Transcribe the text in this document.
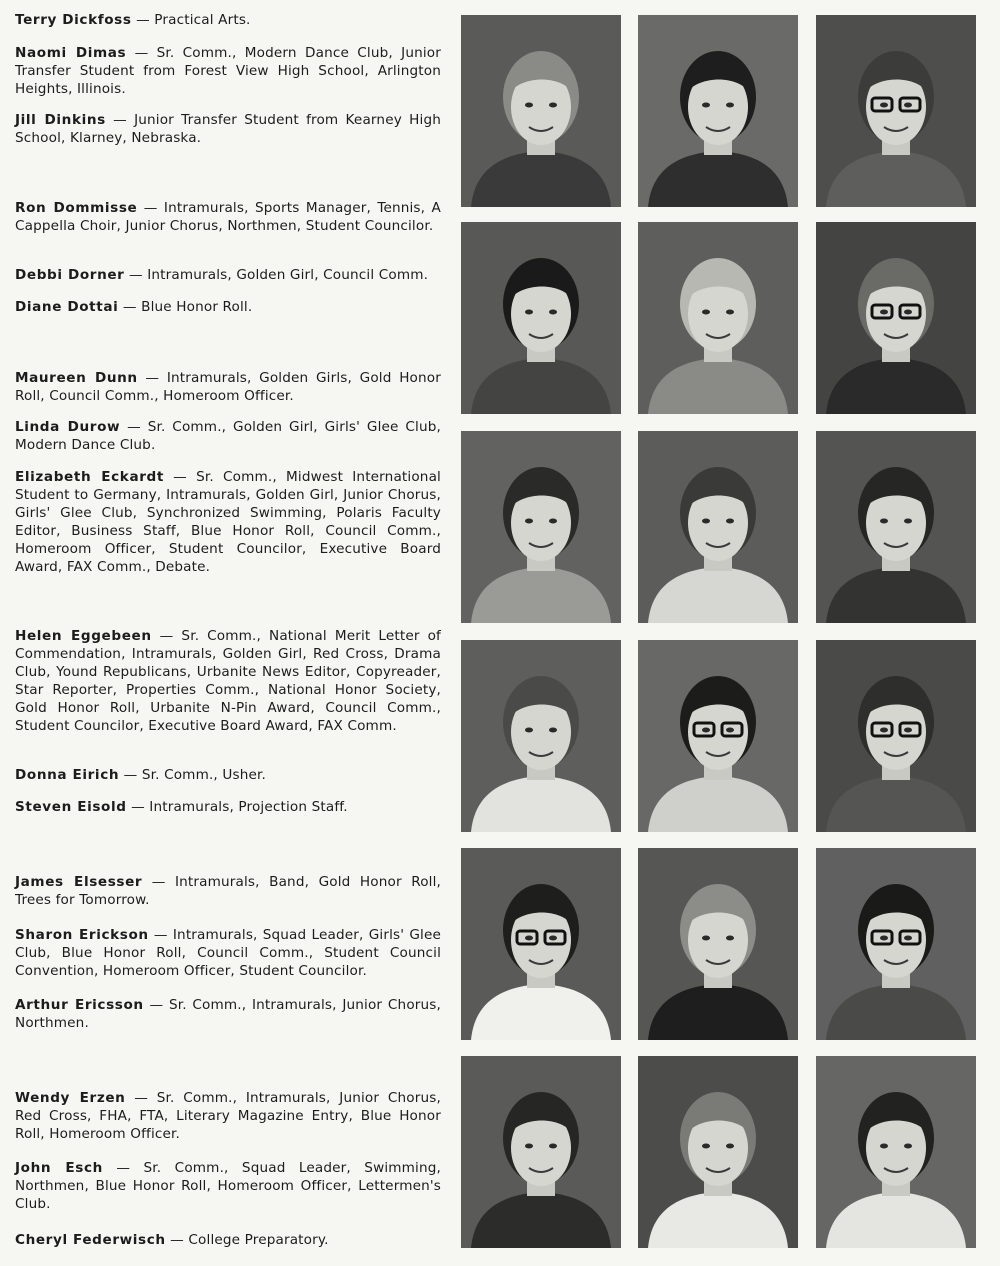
Terry Dickfoss — Practical Arts.
Naomi Dimas — Sr. Comm., Modern Dance Club, Junior Transfer Student from Forest View High School, Arlington Heights, Illinois.
Jill Dinkins — Junior Transfer Student from Kearney High School, Klarney, Nebraska.
Ron Dommisse — Intramurals, Sports Manager, Tennis, A Cappella Choir, Junior Chorus, Northmen, Student Councilor.
Debbi Dorner — Intramurals, Golden Girl, Council Comm.
Diane Dottai — Blue Honor Roll.
Maureen Dunn — Intramurals, Golden Girls, Gold Honor Roll, Council Comm., Homeroom Officer.
Linda Durow — Sr. Comm., Golden Girl, Girls' Glee Club, Modern Dance Club.
Elizabeth Eckardt — Sr. Comm., Midwest International Student to Germany, Intramurals, Golden Girl, Junior Chorus, Girls' Glee Club, Synchronized Swimming, Polaris Faculty Editor, Business Staff, Blue Honor Roll, Council Comm., Homeroom Officer, Student Councilor, Executive Board Award, FAX Comm., Debate.
Helen Eggebeen — Sr. Comm., National Merit Letter of Commendation, Intramurals, Golden Girl, Red Cross, Drama Club, Yound Republicans, Urbanite News Editor, Copyreader, Star Reporter, Properties Comm., National Honor Society, Gold Honor Roll, Urbanite N-Pin Award, Council Comm., Student Councilor, Executive Board Award, FAX Comm.
Donna Eirich — Sr. Comm., Usher.
Steven Eisold — Intramurals, Projection Staff.
James Elsesser — Intramurals, Band, Gold Honor Roll, Trees for Tomorrow.
Sharon Erickson — Intramurals, Squad Leader, Girls' Glee Club, Blue Honor Roll, Council Comm., Student Council Convention, Homeroom Officer, Student Councilor.
Arthur Ericsson — Sr. Comm., Intramurals, Junior Chorus, Northmen.
Wendy Erzen — Sr. Comm., Intramurals, Junior Chorus, Red Cross, FHA, FTA, Literary Magazine Entry, Blue Honor Roll, Homeroom Officer.
John Esch — Sr. Comm., Squad Leader, Swimming, Northmen, Blue Honor Roll, Homeroom Officer, Lettermen's Club.
Cheryl Federwisch — College Preparatory.
